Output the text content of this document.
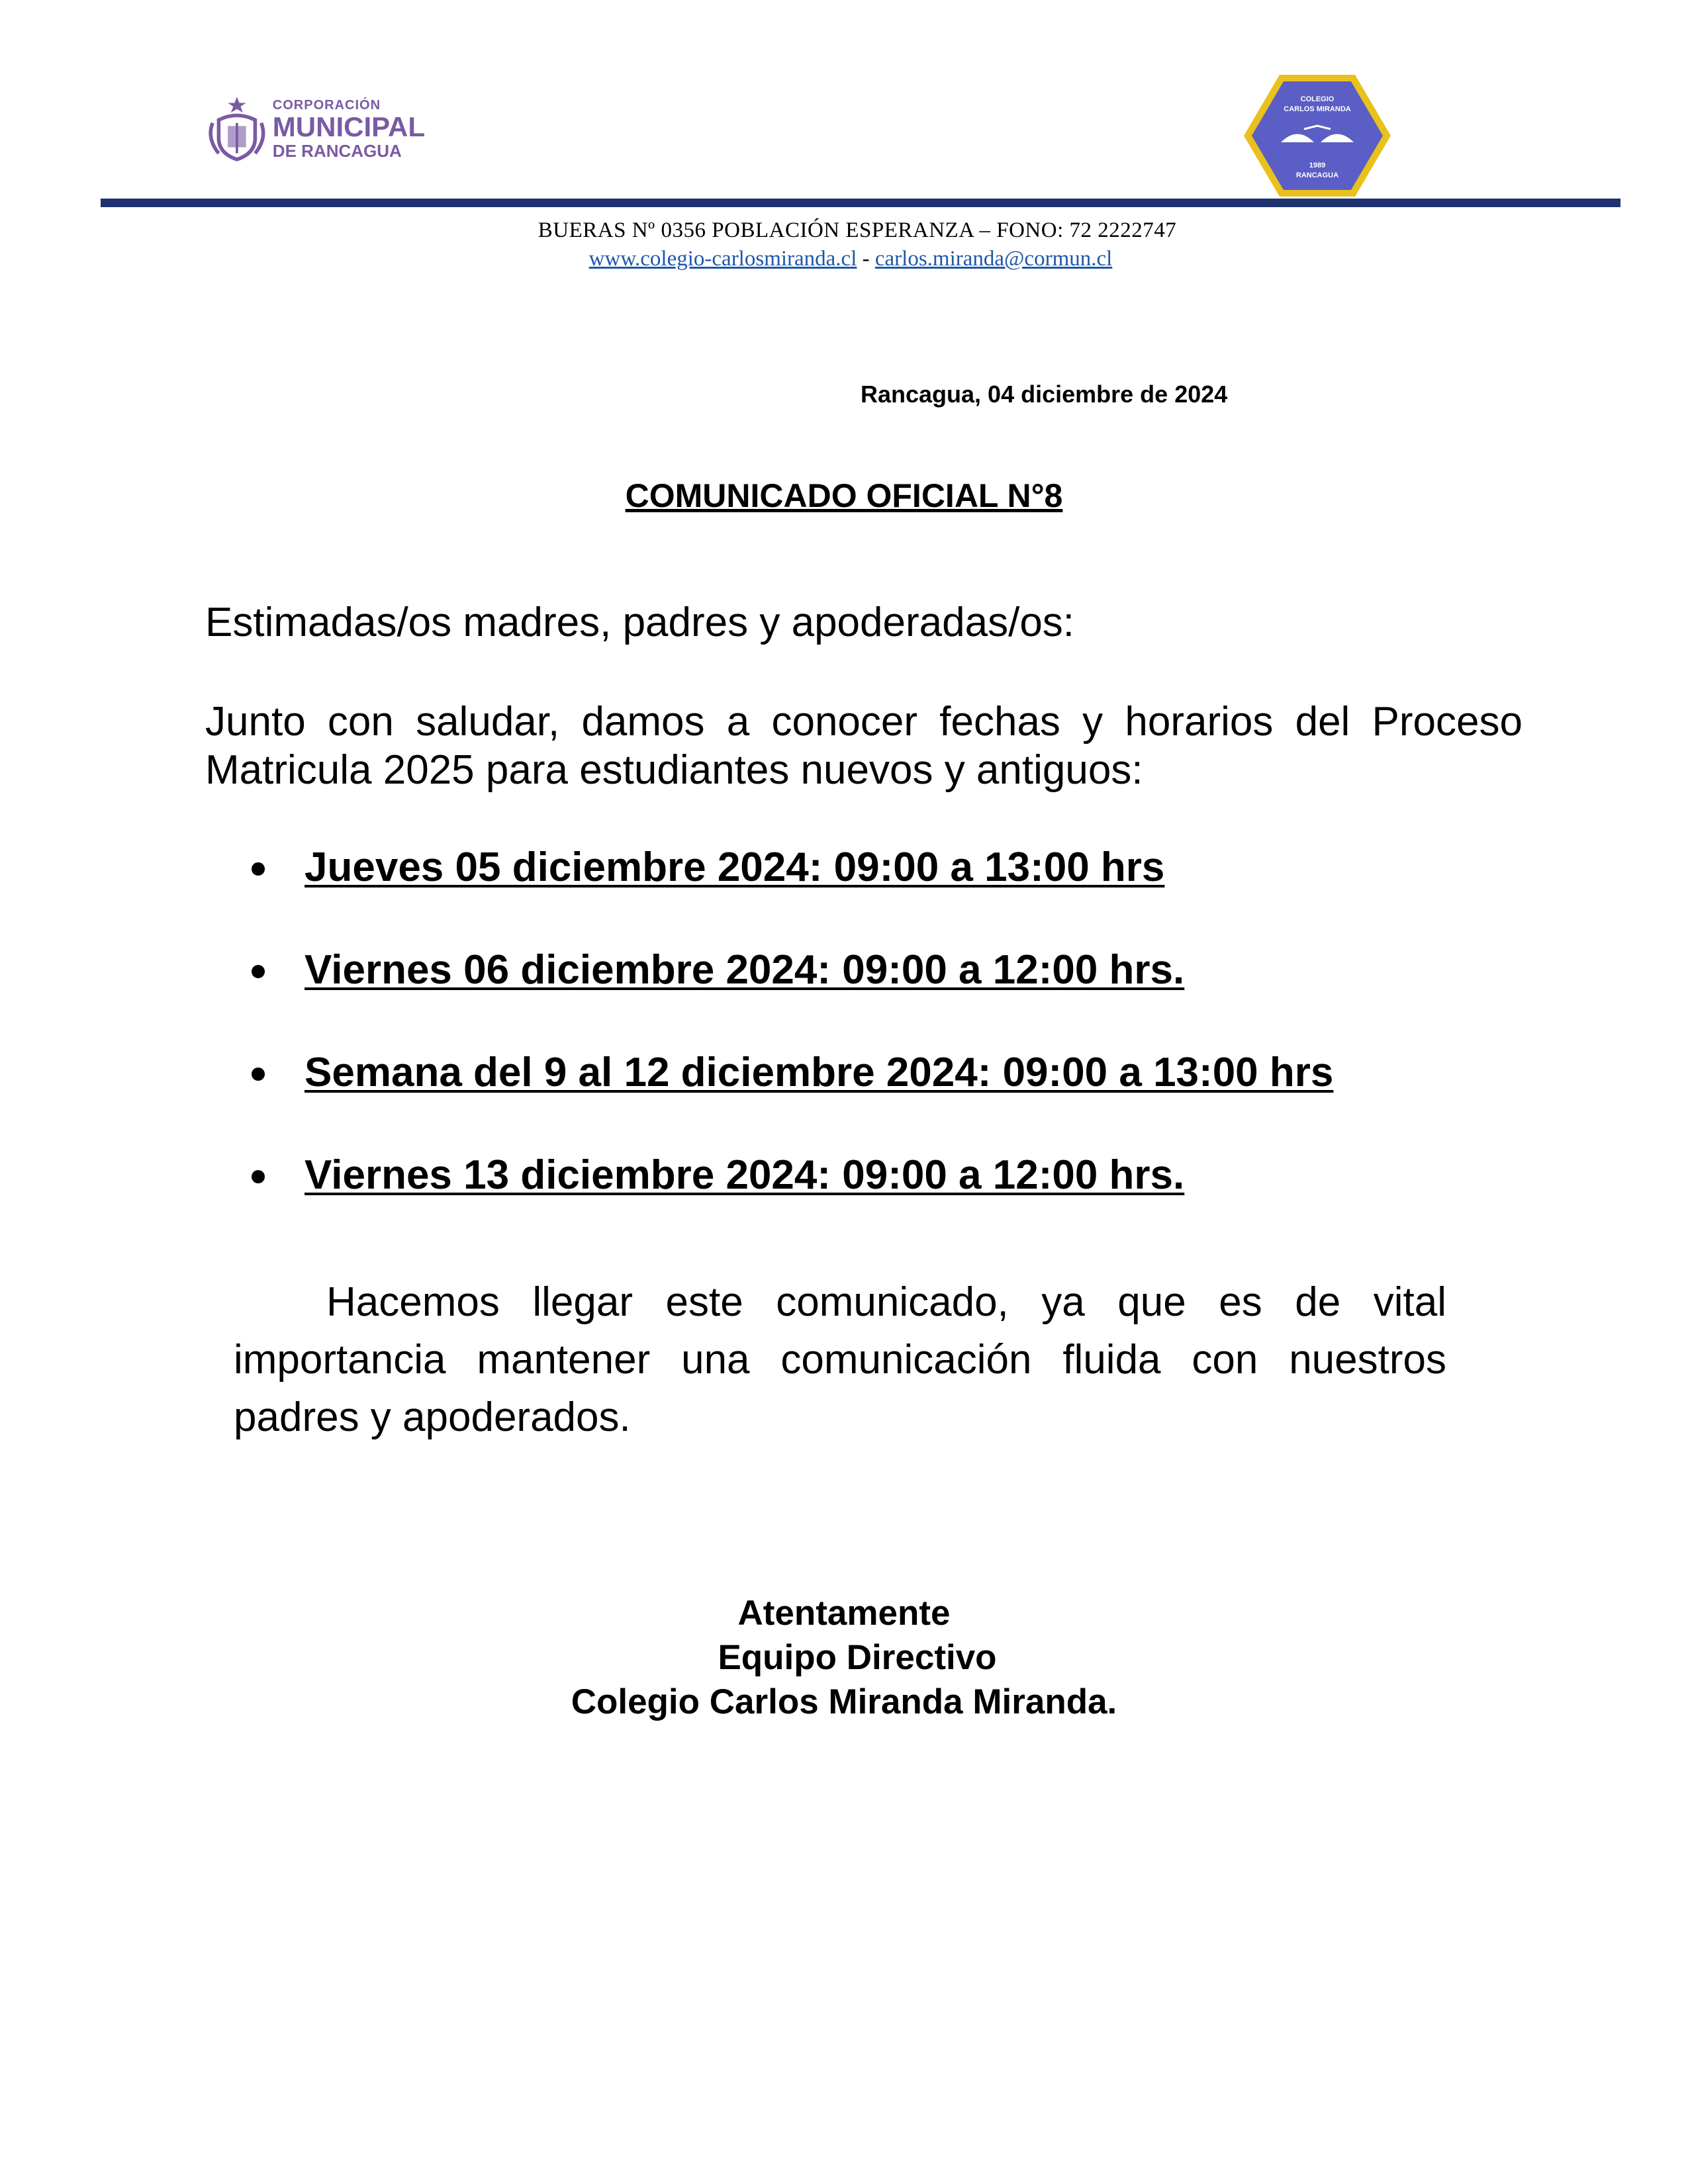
CORPORACIÓN
MUNICIPAL
DE RANCAGUA
COLEGIO
CARLOS MIRANDA
1989
RANCAGUA
BUERAS Nº 0356 POBLACIÓN ESPERANZA – FONO: 72 2222747
www.colegio-carlosmiranda.cl - carlos.miranda@cormun.cl
Rancagua, 04 diciembre de 2024
COMUNICADO OFICIAL N°8
Estimadas/os madres, padres y apoderadas/os:
Junto con saludar, damos a conocer fechas y horarios del Proceso Matricula 2025 para estudiantes nuevos y antiguos:
Jueves 05 diciembre 2024: 09:00 a 13:00 hrs
Viernes 06 diciembre 2024: 09:00 a 12:00 hrs.
Semana del 9 al 12 diciembre 2024: 09:00 a 13:00 hrs
Viernes 13 diciembre 2024: 09:00 a 12:00 hrs.
Hacemos llegar este comunicado, ya que es de vital importancia mantener una comunicación fluida con nuestros padres y apoderados.
Atentamente
Equipo Directivo
Colegio Carlos Miranda Miranda.
